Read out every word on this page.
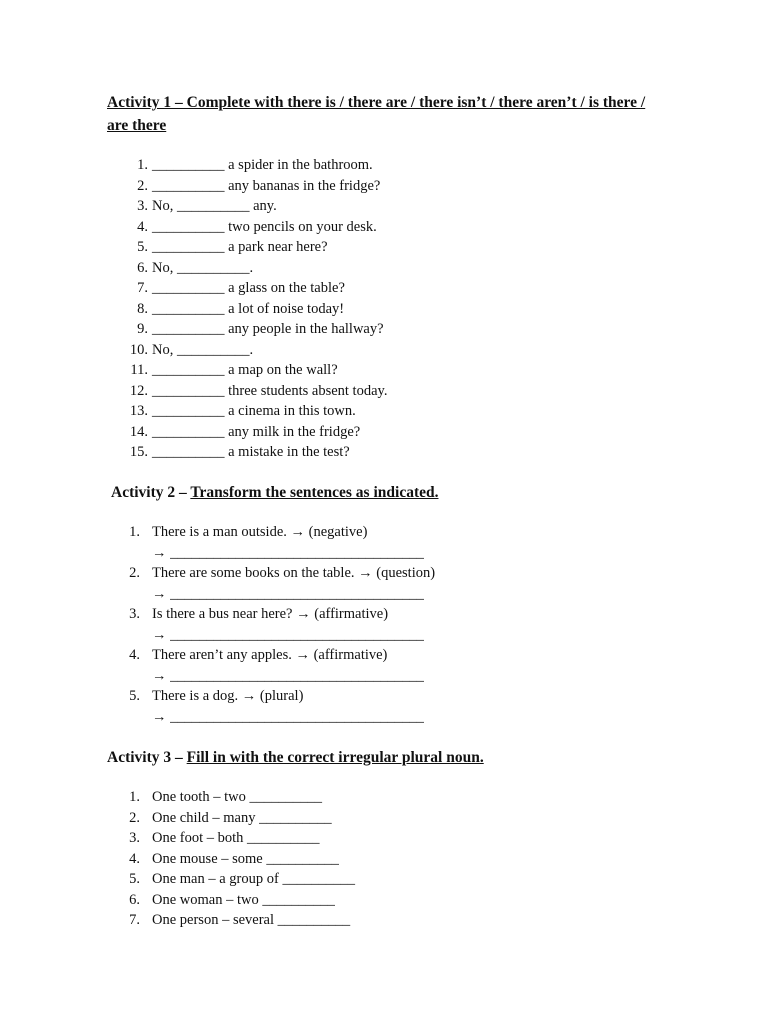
Activity 1 – Complete with there is / there are / there isn’t / there aren’t / is there / are there
1. __________ a spider in the bathroom.
2. __________ any bananas in the fridge?
3. No, __________ any.
4. __________ two pencils on your desk.
5. __________ a park near here?
6. No, __________.
7. __________ a glass on the table?
8. __________ a lot of noise today!
9. __________ any people in the hallway?
10. No, __________.
11. __________ a map on the wall?
12. __________ three students absent today.
13. __________ a cinema in this town.
14. __________ any milk in the fridge?
15. __________ a mistake in the test?
Activity 2 – Transform the sentences as indicated.
1. There is a man outside. → (negative)
→ ___________________________________
2. There are some books on the table. → (question)
→ ___________________________________
3. Is there a bus near here? → (affirmative)
→ ___________________________________
4. There aren’t any apples. → (affirmative)
→ ___________________________________
5. There is a dog. → (plural)
→ ___________________________________
Activity 3 – Fill in with the correct irregular plural noun.
1. One tooth – two __________
2. One child – many __________
3. One foot – both __________
4. One mouse – some __________
5. One man – a group of __________
6. One woman – two __________
7. One person – several __________
